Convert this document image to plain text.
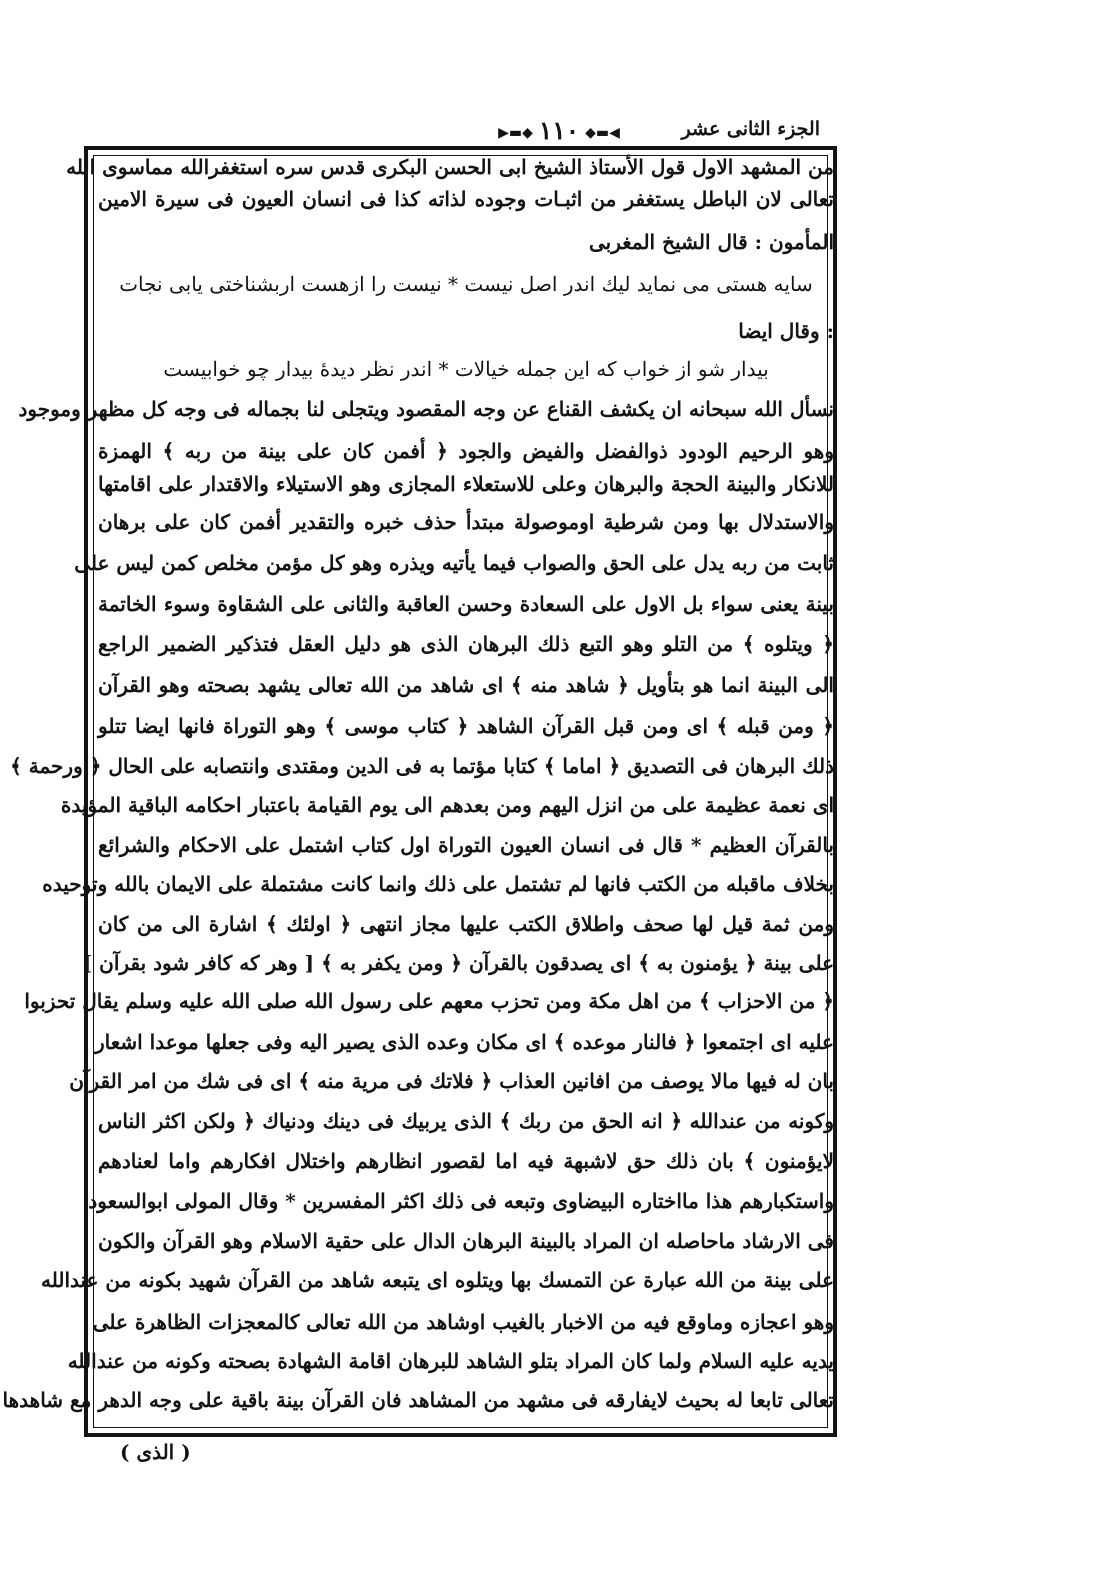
الجزء الثانى عشر
◀▬◆١١٠◆▬▶
من المشهد الاول قول الأستاذ الشيخ ابى الحسن البكرى قدس سره استغفرالله مماسوى الله
تعالى لان الباطل يستغفر من اثبـات وجوده لذاته كذا فى انسان العيون فى سيرة الامين
المأمون : قال الشيخ المغربى
سايه هستى مى نمايد ليك اندر اصل نيست * نيست را ازهست اربشناختى يابى نجات
: وقال ايضا
بيدار شو از خواب كه اين جمله خيالات * اندر نظر ديدهٔ بيدار چو خوابيست
نسأل الله سبحانه ان يكشف القناع عن وجه المقصود ويتجلى لنا بجماله فى وجه كل مظهر وموجود
وهو الرحيم الودود ذوالفضل والفيض والجود ﴿ أفمن كان على بينة من ربه ﴾ الهمزة
للانكار والبينة الحجة والبرهان وعلى للاستعلاء المجازى وهو الاستيلاء والاقتدار على اقامتها
والاستدلال بها ومن شرطية اوموصولة مبتدأ حذف خبره والتقدير أفمن كان على برهان
ثابت من ربه يدل على الحق والصواب فيما يأتيه ويذره وهو كل مؤمن مخلص كمن ليس على
بينة يعنى سواء بل الاول على السعادة وحسن العاقبة والثانى على الشقاوة وسوء الخاتمة
﴿ ويتلوه ﴾ من التلو وهو التبع ذلك البرهان الذى هو دليل العقل فتذكير الضمير الراجع
الى البينة انما هو بتأويل ﴿ شاهد منه ﴾ اى شاهد من الله تعالى يشهد بصحته وهو القرآن
﴿ ومن قبله ﴾ اى ومن قبل القرآن الشاهد ﴿ كتاب موسى ﴾ وهو التوراة فانها ايضا تتلو
ذلك البرهان فى التصديق ﴿ اماما ﴾ كتابا مؤتما به فى الدين ومقتدى وانتصابه على الحال ﴿ ورحمة ﴾
اى نعمة عظيمة على من انزل اليهم ومن بعدهم الى يوم القيامة باعتبار احكامه الباقية المؤيدة
بالقرآن العظيم * قال فى انسان العيون التوراة اول كتاب اشتمل على الاحكام والشرائع
بخلاف ماقبله من الكتب فانها لم تشتمل على ذلك وانما كانت مشتملة على الايمان بالله وتوحيده
ومن ثمة قيل لها صحف واطلاق الكتب عليها مجاز انتهى ﴿ اولئك ﴾ اشارة الى من كان
على بينة ﴿ يؤمنون به ﴾ اى يصدقون بالقرآن ﴿ ومن يكفر به ﴾ [ وهر كه كافر شود بقرآن ]
﴿ من الاحزاب ﴾ من اهل مكة ومن تحزب معهم على رسول الله صلى الله عليه وسلم يقال تحزبوا
عليه اى اجتمعوا ﴿ فالنار موعده ﴾ اى مكان وعده الذى يصير اليه وفى جعلها موعدا اشعار
بان له فيها مالا يوصف من افانين العذاب ﴿ فلاتك فى مرية منه ﴾ اى فى شك من امر القرآن
وكونه من عندالله ﴿ انه الحق من ربك ﴾ الذى يربيك فى دينك ودنياك ﴿ ولكن اكثر الناس
لايؤمنون ﴾ بان ذلك حق لاشبهة فيه اما لقصور انظارهم واختلال افكارهم واما لعنادهم
واستكبارهم هذا مااختاره البيضاوى وتبعه فى ذلك اكثر المفسرين * وقال المولى ابوالسعود
فى الارشاد ماحاصله ان المراد بالبينة البرهان الدال على حقية الاسلام وهو القرآن والكون
على بينة من الله عبارة عن التمسك بها ويتلوه اى يتبعه شاهد من القرآن شهيد بكونه من عندالله
وهو اعجازه وماوقع فيه من الاخبار بالغيب اوشاهد من الله تعالى كالمعجزات الظاهرة على
يديه عليه السلام ولما كان المراد بتلو الشاهد للبرهان اقامة الشهادة بصحته وكونه من عندالله
تعالى تابعا له بحيث لايفارقه فى مشهد من المشاهد فان القرآن بينة باقية على وجه الدهر مع شاهدها
( الذى )
